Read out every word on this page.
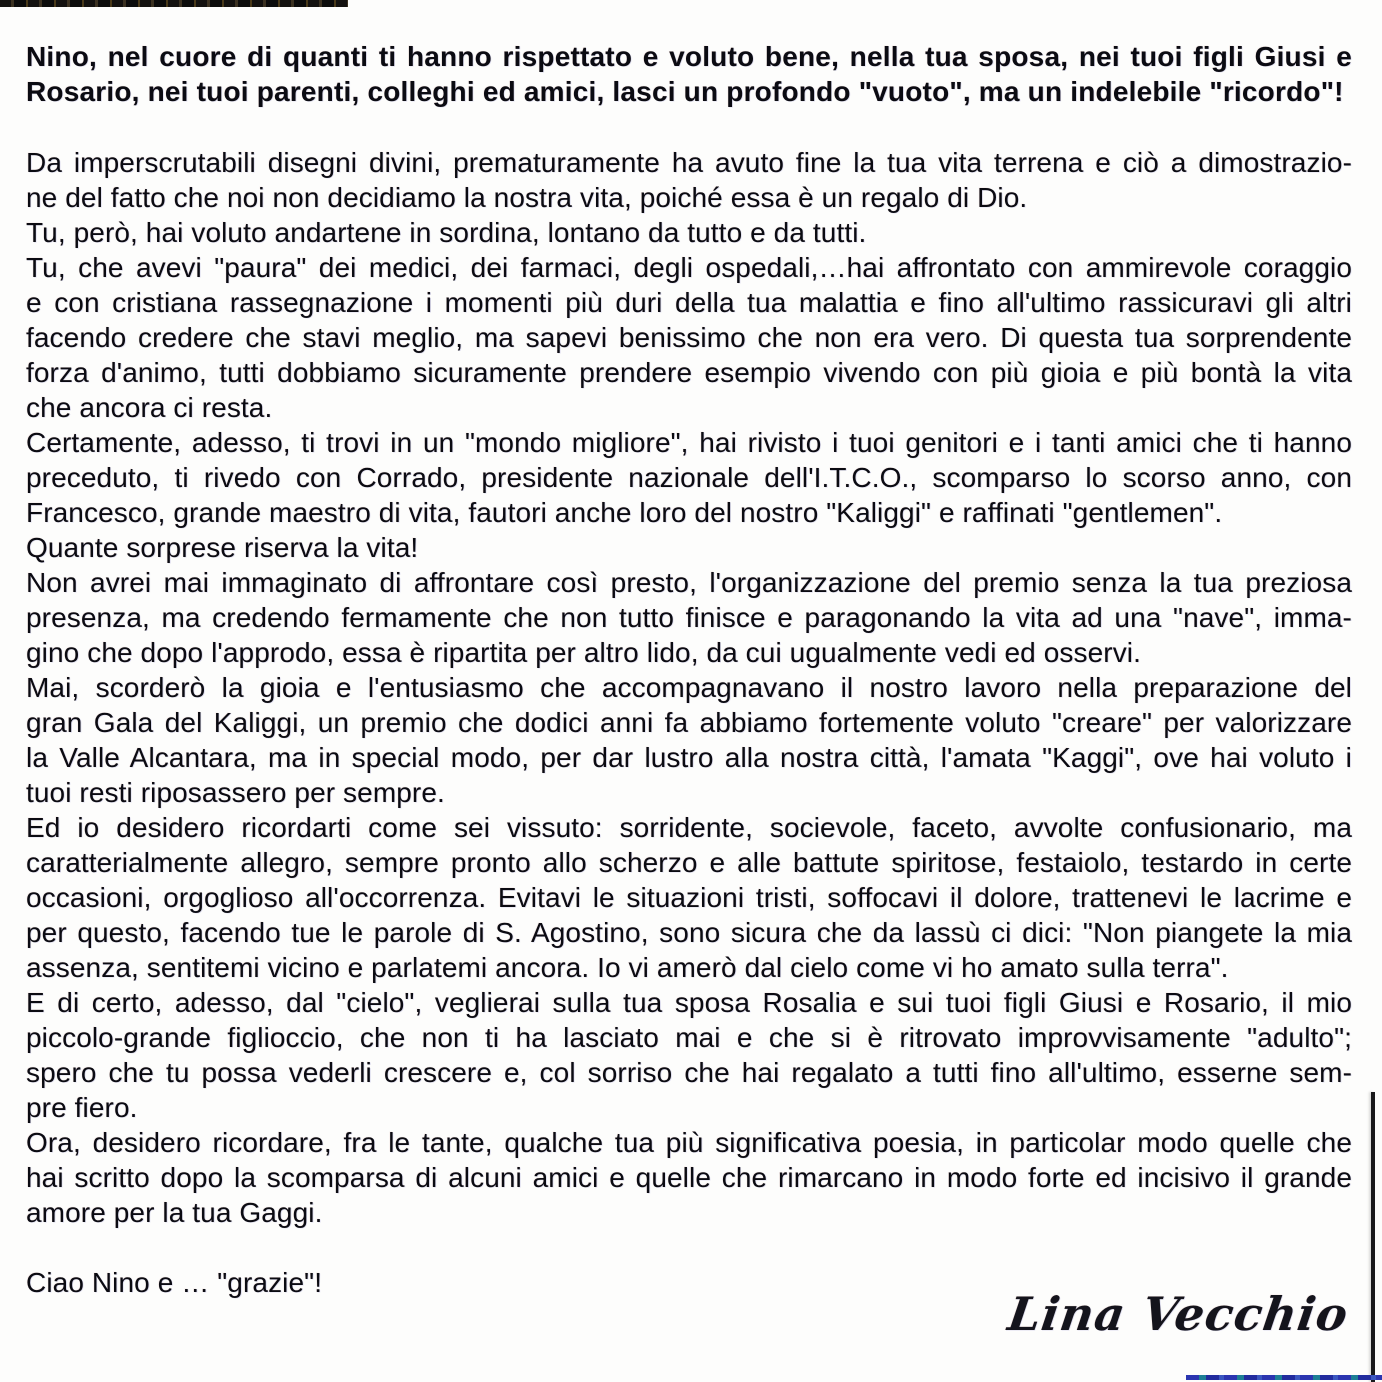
Nino, nel cuore di quanti ti hanno rispettato e voluto bene, nella tua sposa, nei tuoi figli Giusi e
Rosario, nei tuoi parenti, colleghi ed amici, lasci un profondo "vuoto", ma un indelebile "ricordo"!
Da imperscrutabili disegni divini, prematuramente ha avuto fine la tua vita terrena e ciò a dimostrazio-
ne del fatto che noi non decidiamo la nostra vita, poiché essa è un regalo di Dio.
Tu, però, hai voluto andartene in sordina, lontano da tutto e da tutti.
Tu, che avevi "paura" dei medici, dei farmaci, degli ospedali,…hai affrontato con ammirevole coraggio
e con cristiana rassegnazione i momenti più duri della tua malattia e fino all'ultimo rassicuravi gli altri
facendo credere che stavi meglio, ma sapevi benissimo che non era vero. Di questa tua sorprendente
forza d'animo, tutti dobbiamo sicuramente prendere esempio vivendo con più gioia e più bontà la vita
che ancora ci resta.
Certamente, adesso, ti trovi in un "mondo migliore", hai rivisto i tuoi genitori e i tanti amici che ti hanno
preceduto, ti rivedo con Corrado, presidente nazionale dell'I.T.C.O., scomparso lo scorso anno, con
Francesco, grande maestro di vita, fautori anche loro del nostro "Kaliggi" e raffinati "gentlemen".
Quante sorprese riserva la vita!
Non avrei mai immaginato di affrontare così presto, l'organizzazione del premio senza la tua preziosa
presenza, ma credendo fermamente che non tutto finisce e paragonando la vita ad una "nave", imma-
gino che dopo l'approdo, essa è ripartita per altro lido, da cui ugualmente vedi ed osservi.
Mai, scorderò la gioia e l'entusiasmo che accompagnavano il nostro lavoro nella preparazione del
gran Gala del Kaliggi, un premio che dodici anni fa abbiamo fortemente voluto "creare" per valorizzare
la Valle Alcantara, ma in special modo, per dar lustro alla nostra città, l'amata "Kaggi", ove hai voluto i
tuoi resti riposassero per sempre.
Ed io desidero ricordarti come sei vissuto: sorridente, socievole, faceto, avvolte confusionario, ma
caratterialmente allegro, sempre pronto allo scherzo e alle battute spiritose, festaiolo, testardo in certe
occasioni, orgoglioso all'occorrenza. Evitavi le situazioni tristi, soffocavi il dolore, trattenevi le lacrime e
per questo, facendo tue le parole di S. Agostino, sono sicura che da lassù ci dici: "Non piangete la mia
assenza, sentitemi vicino e parlatemi ancora. Io vi amerò dal cielo come vi ho amato sulla terra".
E di certo, adesso, dal "cielo", veglierai sulla tua sposa Rosalia e sui tuoi figli Giusi e Rosario, il mio
piccolo-grande figlioccio, che non ti ha lasciato mai e che si è ritrovato improvvisamente "adulto";
spero che tu possa vederli crescere e, col sorriso che hai regalato a tutti fino all'ultimo, esserne sem-
pre fiero.
Ora, desidero ricordare, fra le tante, qualche tua più significativa poesia, in particolar modo quelle che
hai scritto dopo la scomparsa di alcuni amici e quelle che rimarcano in modo forte ed incisivo il grande
amore per la tua Gaggi.
Ciao Nino e … "grazie"!
Lina Vecchio
